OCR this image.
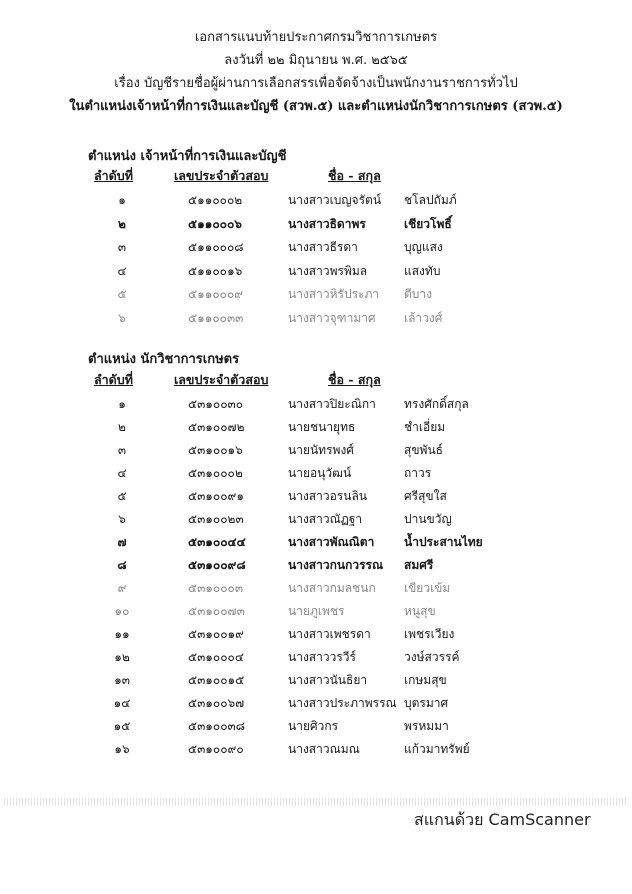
เอกสารแนบท้ายประกาศกรมวิชาการเกษตร
ลงวันที่ ๒๒ มิถุนายน พ.ศ. ๒๕๖๕
เรื่อง บัญชีรายชื่อผู้ผ่านการเลือกสรรเพื่อจัดจ้างเป็นพนักงานราชการทั่วไป
ในตำแหน่งเจ้าหน้าที่การเงินและบัญชี (สวพ.๕) และตำแหน่งนักวิชาการเกษตร (สวพ.๕)
ตำแหน่ง เจ้าหน้าที่การเงินและบัญชี
ลำดับที่	เลขประจำตัวสอบ	ชื่อ - สกุล
๑	๕๑๑๐๐๐๒	นางสาวเบญจรัตน์ ชโลปถัมภ์
๒	๕๑๑๐๐๐๖	นางสาวธิดาพร	เชียวโพธิ์
๓	๕๑๑๐๐๐๘	นางสาวธีรดา	บุญแสง
๔	๕๑๑๐๐๑๖	นางสาวพรพิมล	แสงทับ
๕	๕๑๑๐๐๐๙	นางสาวหิรัประภา ตีบาง
๖	๕๑๑๐๐๓๓	นางสาวจุฑามาศ เล้าวงศ์
ตำแหน่ง นักวิชาการเกษตร
ลำดับที่	เลขประจำตัวสอบ	ชื่อ - สกุล
๑	๕๓๑๐๐๓๐	นางสาวปิยะณิกา ทรงศักดิ์สกุล
๒	๕๓๑๐๐๗๒	นายชนายุทธ	ชำเอี่ยม
๓	๕๓๑๐๐๑๖	นายนัทรพงศ์	สุขพันธ์
๔	๕๓๑๐๐๐๒	นายอนุวัฒน์	ถาวร
๕	๕๓๑๐๐๙๑	นางสาวอรนลิน	ศรีสุขใส
๖	๕๓๑๐๐๒๓	นางสาวณัฏฐา	ปานขวัญ
๗	๕๓๑๐๐๔๔	นางสาวพัณณิตา น้ำประสานไทย
๘	๕๓๑๐๐๙๘	นางสาวกนกวรรณ สมศรี
๙	๕๓๑๐๐๐๓	นางสาวกมลชนก เขียวเข้ม
๑๐	๕๓๑๐๐๗๓	นายภูเพชร	หนูสุข
๑๑	๕๓๑๐๐๑๙	นางสาวเพชรดา	เพชรเวียง
๑๒	๕๓๑๐๐๐๔	นางสาววรวีร์	วงษ์สวรรค์
๑๓	๕๓๑๐๐๑๕	นางสาวนันธิยา	เกษมสุข
๑๔	๕๓๑๐๐๖๗	นางสาวประภาพรรณ บุตรมาศ
๑๕	๕๓๑๐๐๓๘	นายศิวกร	พรหมมา
๑๖	๕๓๑๐๐๙๐	นางสาวณมณ	แก้วมาทรัพย์
สแกนด้วย CamScanner
